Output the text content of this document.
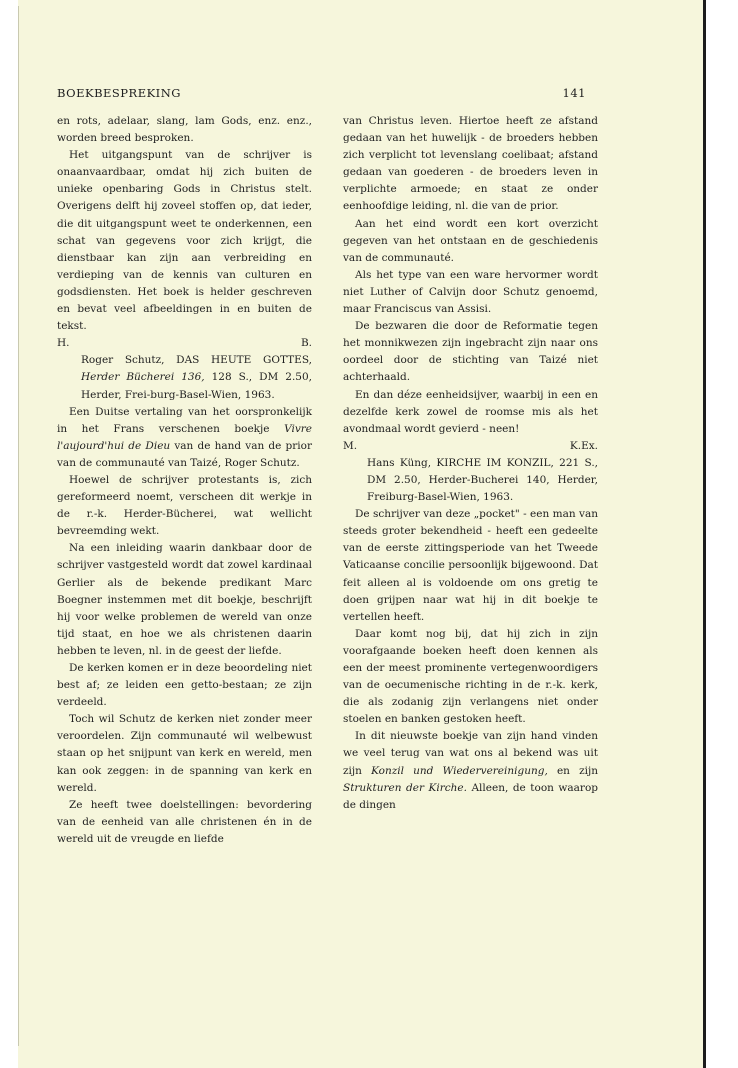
BOEKBESPREKING	141

en rots, adelaar, slang, lam Gods, enz. enz., worden breed besproken.

Het uitgangspunt van de schrijver is onaanvaardbaar, omdat hij zich buiten de unieke openbaring Gods in Christus stelt. Overigens delft hij zoveel stoffen op, dat ieder, die dit uitgangspunt weet te onderkennen, een schat van gegevens voor zich krijgt, die dienstbaar kan zijn aan verbreiding en verdieping van de kennis van culturen en godsdiensten. Het boek is helder geschreven en bevat veel afbeeldingen in en buiten de tekst.

H.	B.

Roger Schutz, DAS HEUTE GOTTES, Herder Bücherei 136, 128 S., DM 2.50, Herder, Frei-burg-Basel-Wien, 1963.

Een Duitse vertaling van het oorspronkelijk in het Frans verschenen boekje Vivre l'aujourd'hui de Dieu van de hand van de prior van de communauté van Taizé, Roger Schutz.

Hoewel de schrijver protestants is, zich gereformeerd noemt, verscheen dit werkje in de r.-k. Herder-Bücherei, wat wellicht bevreemding wekt.

Na een inleiding waarin dankbaar door de schrijver vastgesteld wordt dat zowel kardinaal Gerlier als de bekende predikant Marc Boegner instemmen met dit boekje, beschrijft hij voor welke problemen de wereld van onze tijd staat, en hoe we als christenen daarin hebben te leven, nl. in de geest der liefde.

De kerken komen er in deze beoordeling niet best af; ze leiden een getto-bestaan; ze zijn verdeeld.

Toch wil Schutz de kerken niet zonder meer veroordelen. Zijn communauté wil welbewust staan op het snijpunt van kerk en wereld, men kan ook zeggen: in de spanning van kerk en wereld.

Ze heeft twee doelstellingen: bevordering van de eenheid van alle christenen én in de wereld uit de vreugde en liefde

van Christus leven. Hiertoe heeft ze afstand gedaan van het huwelijk - de broeders hebben zich verplicht tot levenslang coelibaat; afstand gedaan van goederen - de broeders leven in verplichte armoede; en staat ze onder eenhoofdige leiding, nl. die van de prior.

Aan het eind wordt een kort overzicht gegeven van het ontstaan en de geschiedenis van de communauté.

Als het type van een ware hervormer wordt niet Luther of Calvijn door Schutz genoemd, maar Franciscus van Assisi.

De bezwaren die door de Reformatie tegen het monnikwezen zijn ingebracht zijn naar ons oordeel door de stichting van Taizé niet achterhaald.

En dan déze eenheidsijver, waarbij in een en dezelfde kerk zowel de roomse mis als het avondmaal wordt gevierd - neen!

M.	K.Ex.

Hans Küng, KIRCHE IM KONZIL, 221 S., DM 2.50, Herder-Bucherei 140, Herder, Freiburg-Basel-Wien, 1963.

De schrijver van deze „pocket" - een man van steeds groter bekendheid - heeft een gedeelte van de eerste zittingsperiode van het Tweede Vaticaanse concilie persoonlijk bijgewoond. Dat feit alleen al is voldoende om ons gretig te doen grijpen naar wat hij in dit boekje te vertellen heeft.

Daar komt nog bij, dat hij zich in zijn voorafgaande boeken heeft doen kennen als een der meest prominente vertegenwoordigers van de oecumenische richting in de r.-k. kerk, die als zodanig zijn verlangens niet onder stoelen en banken gestoken heeft.

In dit nieuwste boekje van zijn hand vinden we veel terug van wat ons al bekend was uit zijn Konzil und Wiedervereinigung, en zijn Strukturen der Kirche. Alleen, de toon waarop de dingen
